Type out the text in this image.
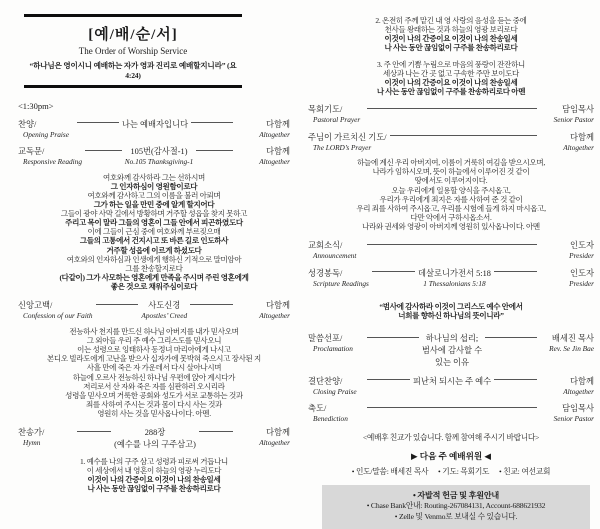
[예/배/순/서]
The Order of Worship Service
“하나님은 영이시니 예배하는 자가 영과 진리로 예배할지니라” (요 4:24)
<1:30pm>
찬양/
Opening Praise
나는 예배자입니다	다함께
Altogether
교독문/
Responsive Reading
105번(감사절-1)
No.105 Thanksgiving-1
다함께
Altogether
여호와께 감사하라 그는 선하시며
그 인자하심이 영원함이로다
여호와께 감사하고 그의 이름을 불러 아뢰며
그가 하는 일을 만민 중에 알게 할지어다
그들이 광야 사막 길에서 방황하며 거주할 성읍을 찾지 못하고
주리고 목이 말라 그들의 영혼이 그들 안에서 피곤하였도다
이에 그들이 근심 중에 여호와께 부르짖으매
그들의 고통에서 건지시고 또 바른 길로 인도하사
거주할 성읍에 이르게 하셨도다
여호와의 인자하심과 인생에게 행하신 기적으로 말미암아
그를 찬송할지로다
(다같이) 그가 사모하는 영혼에게 만족을 주시며 주린 영혼에게
좋은 것으로 채워주심이로다
신앙고백/
Confession of our Faith
사도신경
Apostles’ Creed
다함께
Altogether
전능하사 천지를 만드신 하나님 아버지를 내가 믿사오며
그 외아들 우리 주 예수 그리스도를 믿사오니
이는 성령으로 잉태하사 동정녀 마리아에게 나시고
본디오 빌라도에게 고난을 받으사 십자가에 못박혀 죽으시고 장사된 지
사흘 만에 죽은 자 가운데서 다시 살아나시며
하늘에 오르사 전능하신 하나님 우편에 앉아 계시다가
저리로서 산 자와 죽은 자를 심판하러 오시리라
성령을 믿사오며 거룩한 공회와 성도가 서로 교통하는 것과
죄를 사하여 주시는 것과 몸이 다시 사는 것과
영원히 사는 것을 믿사옵나이다. 아멘.
찬송가/
Hymn
288장
(예수를 나의 구주삼고)
다함께
Altogether
1. 예수를 나의 구주 삼고 성령과 피로써 거듭나니
이 세상에서 내 영혼이 하늘의 영광 누리도다
이것이 나의 간증이요 이것이 나의 찬송일세
나 사는 동안 끊임없이 구주를 찬송하리로다
2. 온전히 주께 맡긴 내 영 사랑의 음성을 듣는 중에
천사들 왕래하는 것과 하늘의 영광 보리로다
이것이 나의 간증이요 이것이 나의 찬송일세
나 사는 동안 끊임없이 구주를 찬송하리로다
3. 주 안에 기쁨 누림으로 마음의 풍랑이 잔잔하니
세상과 나는 간 곳 없고 구속한 주만 보이도다
이것이 나의 간증이요 이것이 나의 찬송일세
나 사는 동안 끊임없이 구주를 찬송하리로다 아멘
목회기도/
Pastoral Prayer
담임목사
Senior Pastor
주님이 가르치신 기도/
The LORD’s Prayer
다함께
Altogether
하늘에 계신 우리 아버지여, 이름이 거룩히 여김을 받으시오며,
나라가 임하시오며, 뜻이 하늘에서 이루어진 것 같이
땅에서도 이루어지이다.
오늘 우리에게 일용할 양식을 주시옵고,
우리가 우리에게 죄지은 자를 사하여 준 것 같이
우리 죄를 사하여 주시옵고, 우리를 시험에 들게 하지 마시옵고,
다만 악에서 구하시옵소서.
나라와 권세와 영광이 아버지께 영원히 있사옵나이다. 아멘
교회소식/
Announcement
인도자
Presider
성경봉독/
Scripture Readings
데살로니가전서 5:18
1 Thessalonians 5:18
인도자
Presider
“범사에 감사하라 이것이 그리스도 예수 안에서
너희를 향하신 하나님의 뜻이니라”
말씀선포/
Proclamation
하나님의 섭리;
범사에 감사할 수
있는 이유
배세진 목사
Rev. Se Jin Bae
결단찬양/
Closing Praise
피난처 되시는 주 예수	다함께
Altogether
축도/
Benediction
담임목사
Senior Pastor
<예배후 친교가 있습니다. 함께 참여해 주시기 바랍니다>
▶ 다음 주 예배위원 ◀
• 인도/말씀: 배세진 목사 • 기도: 목회기도 • 친교: 여선교회
• 자발적 헌금 및 후원안내
• Chase Bank안내: Routing-267084131, Account-688621932
• Zelle 및 Venmo로 보내실 수 있습니다.
